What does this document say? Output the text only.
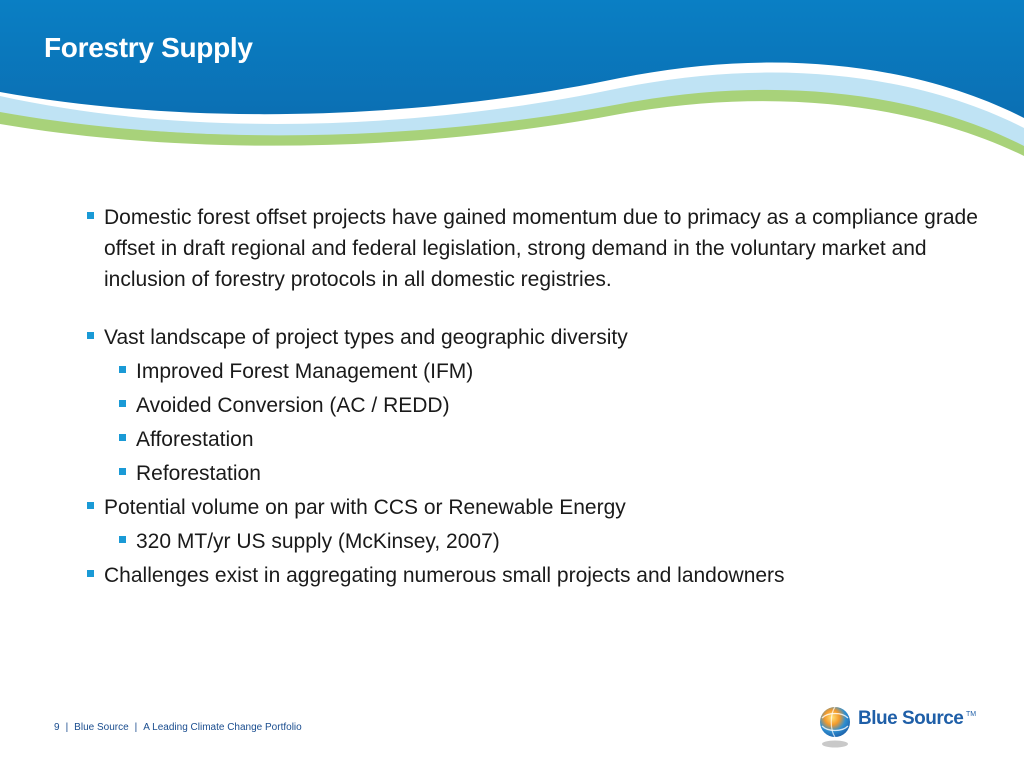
Forestry Supply
Domestic forest offset projects have gained momentum due to primacy as a compliance grade offset in draft regional and federal legislation, strong demand in the voluntary market and inclusion of forestry protocols in all domestic registries.
Vast landscape of project types and geographic diversity
Improved Forest Management (IFM)
Avoided Conversion (AC / REDD)
Afforestation
Reforestation
Potential volume on par with CCS or Renewable Energy
320 MT/yr US supply (McKinsey, 2007)
Challenges exist in aggregating numerous small projects and landowners
9 | Blue Source | A Leading Climate Change Portfolio	Blue Source TM
